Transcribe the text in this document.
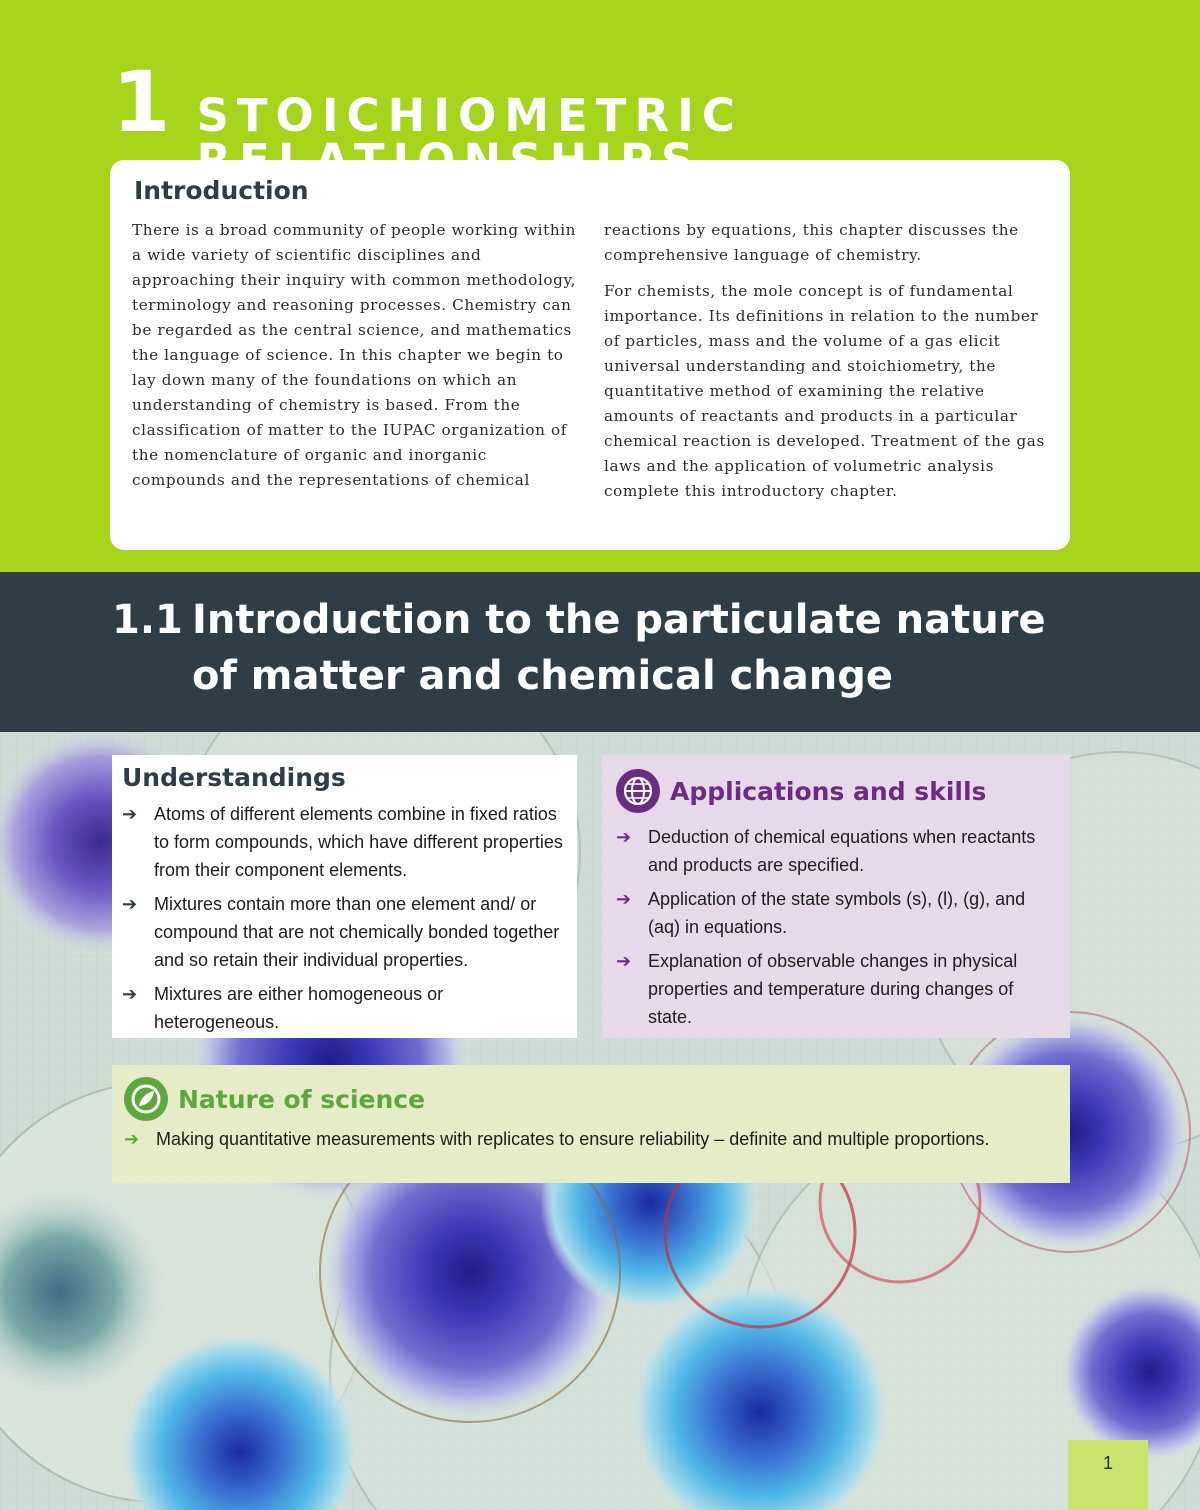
1 STOICHIOMETRIC
Introduction

There is a broad community of people working within a wide variety of scientific disciplines and approaching their inquiry with common methodology, terminology and reasoning processes. Chemistry can be regarded as the central science, and mathematics the language of science. In this chapter we begin to lay down many of the foundations on which an understanding of chemistry is based. From the classification of matter to the IUPAC organization of the nomenclature of organic and inorganic compounds and the representations of chemical

reactions by equations, this chapter discusses the comprehensive language of chemistry.

For chemists, the mole concept is of fundamental importance. Its definitions in relation to the number of particles, mass and the volume of a gas elicit universal understanding and stoichiometry, the quantitative method of examining the relative amounts of reactants and products in a particular chemical reaction is developed. Treatment of the gas laws and the application of volumetric analysis complete this introductory chapter.

1.1 Introduction to the particulate nature of matter and chemical change
Understandings
➔ Atoms of different elements combine in fixed ratios to form compounds, which have different properties from their component elements.
➔ Mixtures contain more than one element and/ or compound that are not chemically bonded together and so retain their individual properties.
➔ Mixtures are either homogeneous or heterogeneous.
Applications and skills
➔ Deduction of chemical equations when reactants and products are specified.
➔ Application of the state symbols (s), (l), (g), and (aq) in equations.
➔ Explanation of observable changes in physical properties and temperature during changes of state.
Nature of science
➔ Making quantitative measurements with replicates to ensure reliability – definite and multiple proportions.
1
